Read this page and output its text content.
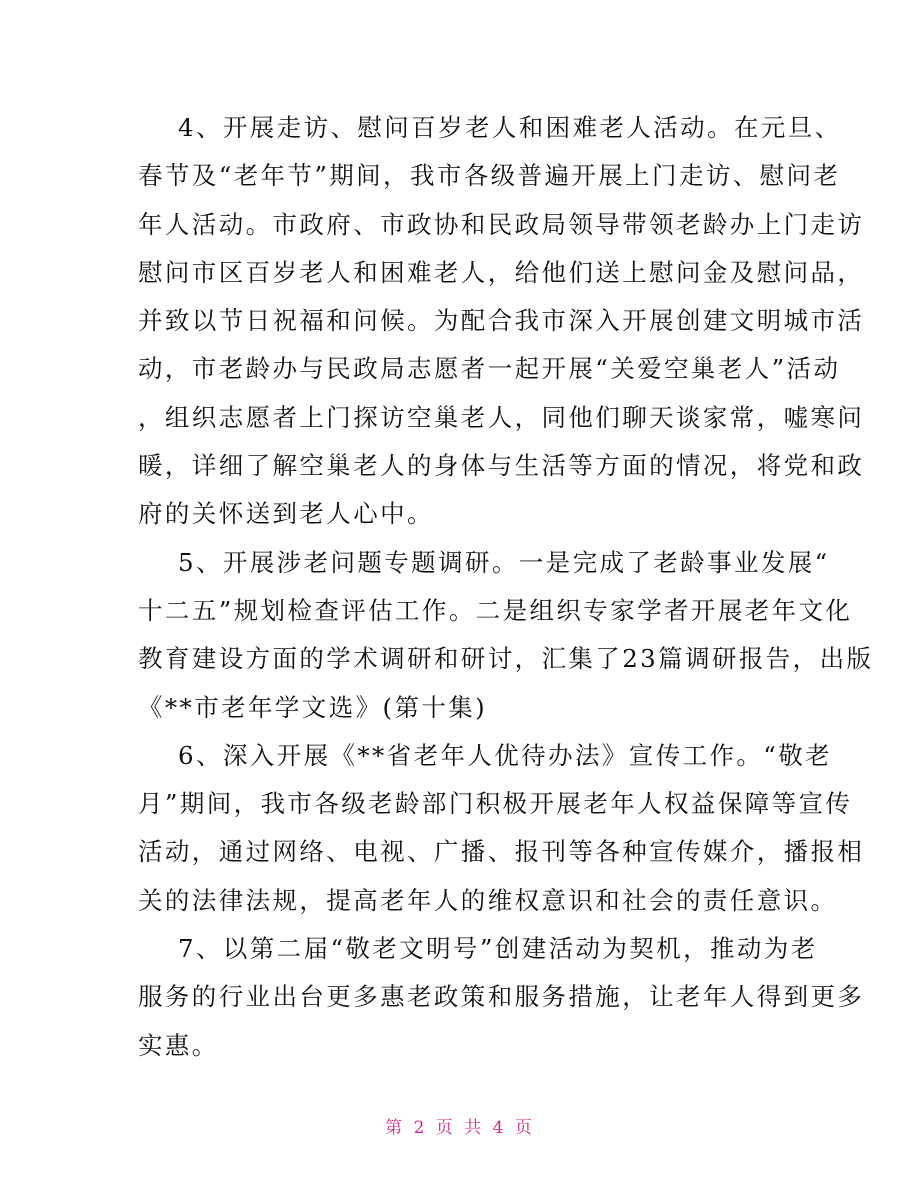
4、开展走访、慰问百岁老人和困难老人活动。在元旦、
春节及“老年节”期间，我市各级普遍开展上门走访、慰问老
年人活动。市政府、市政协和民政局领导带领老龄办上门走访
慰问市区百岁老人和困难老人，给他们送上慰问金及慰问品，
并致以节日祝福和问候。为配合我市深入开展创建文明城市活
动，市老龄办与民政局志愿者一起开展“关爱空巢老人”活动
，组织志愿者上门探访空巢老人，同他们聊天谈家常，嘘寒问
暖，详细了解空巢老人的身体与生活等方面的情况，将党和政
府的关怀送到老人心中。
5、开展涉老问题专题调研。一是完成了老龄事业发展“
十二五”规划检查评估工作。二是组织专家学者开展老年文化
教育建设方面的学术调研和研讨，汇集了23篇调研报告，出版
《**市老年学文选》(第十集)
6、深入开展《**省老年人优待办法》宣传工作。“敬老
月”期间，我市各级老龄部门积极开展老年人权益保障等宣传
活动，通过网络、电视、广播、报刊等各种宣传媒介，播报相
关的法律法规，提高老年人的维权意识和社会的责任意识。
7、以第二届“敬老文明号”创建活动为契机，推动为老
服务的行业出台更多惠老政策和服务措施，让老年人得到更多
实惠。
第 2 页 共 4 页
